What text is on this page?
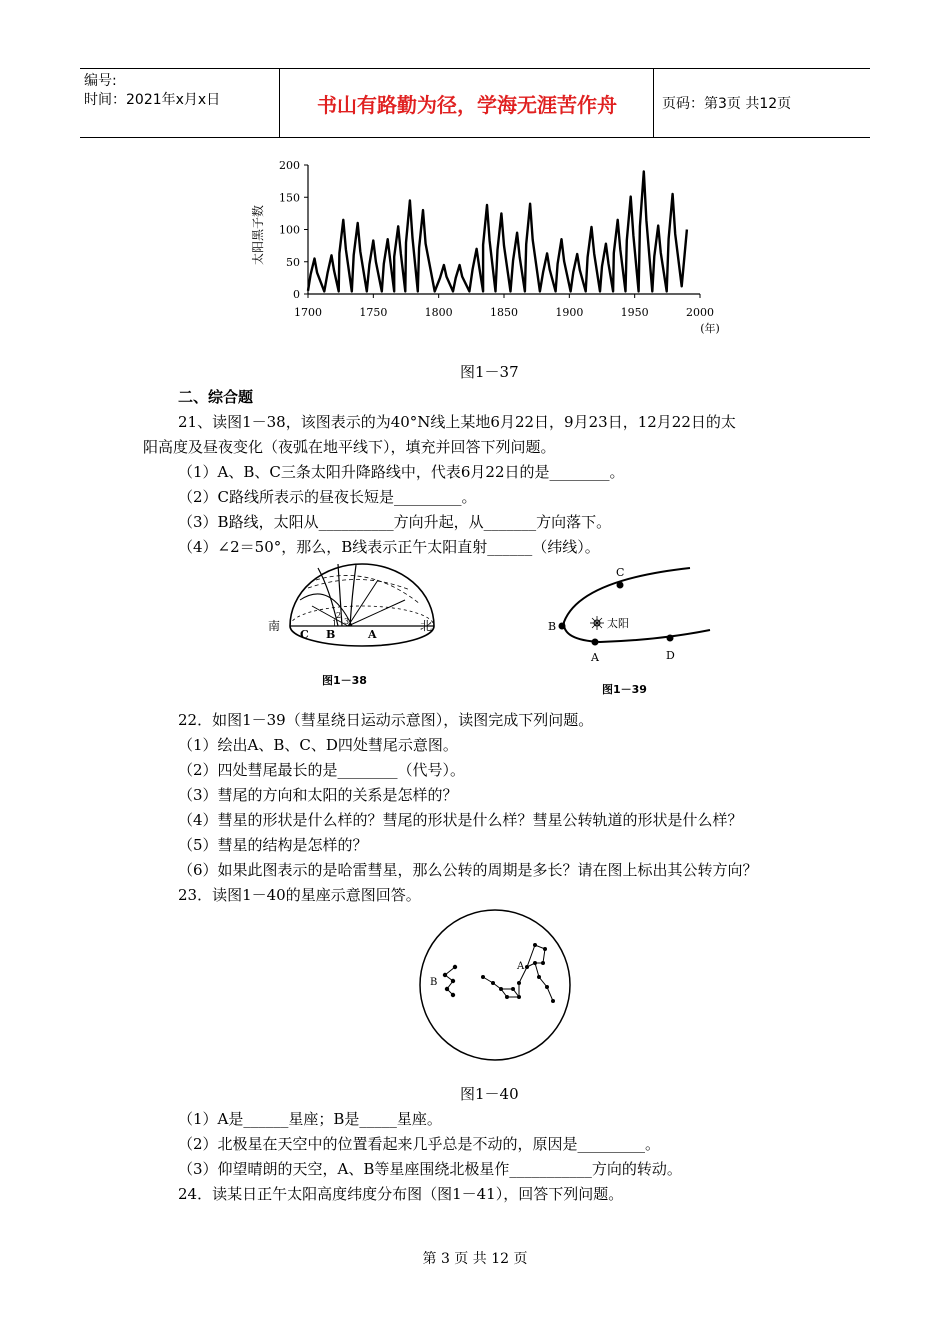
编号:
时间：2021年x月x日	书山有路勤为径，学海无涯苦作舟	页码：第3页 共12页
0
50
100
150
200
1700	1750	1800	1850	1900	1950	2000
太阳黑子数
(年)
图1－37
二、综合题
21、读图1－38，该图表示的为40°N线上某地6月22日，9月23日，12月22日的太
阳高度及昼夜变化（夜弧在地平线下），填充并回答下列问题。
（1）A、B、C三条太阳升降路线中，代表6月22日的是________。
（2）C路线所表示的昼夜长短是_________。
（3）B路线，太阳从__________方向升起，从_______方向落下。
（4）∠2＝50°，那么，B线表示正午太阳直射______（纬线）。
南	北
C B	A
2
1 3
图1－38
C
B
A	D
太阳
图1－39
22．如图1－39（彗星绕日运动示意图），读图完成下列问题。
（1）绘出A、B、C、D四处彗尾示意图。
（2）四处彗尾最长的是________（代号）。
（3）彗尾的方向和太阳的关系是怎样的？
（4）彗星的形状是什么样的？彗尾的形状是什么样？彗星公转轨道的形状是什么样？
（5）彗星的结构是怎样的？
（6）如果此图表示的是哈雷彗星，那么公转的周期是多长？请在图上标出其公转方向？
23．读图1－40的星座示意图回答。
B
A
图1－40
（1）A是______星座；B是_____星座。
（2）北极星在天空中的位置看起来几乎总是不动的，原因是_________。
（3）仰望晴朗的天空，A、B等星座围绕北极星作___________方向的转动。
24．读某日正午太阳高度纬度分布图（图1－41），回答下列问题。
第 3 页 共 12 页
